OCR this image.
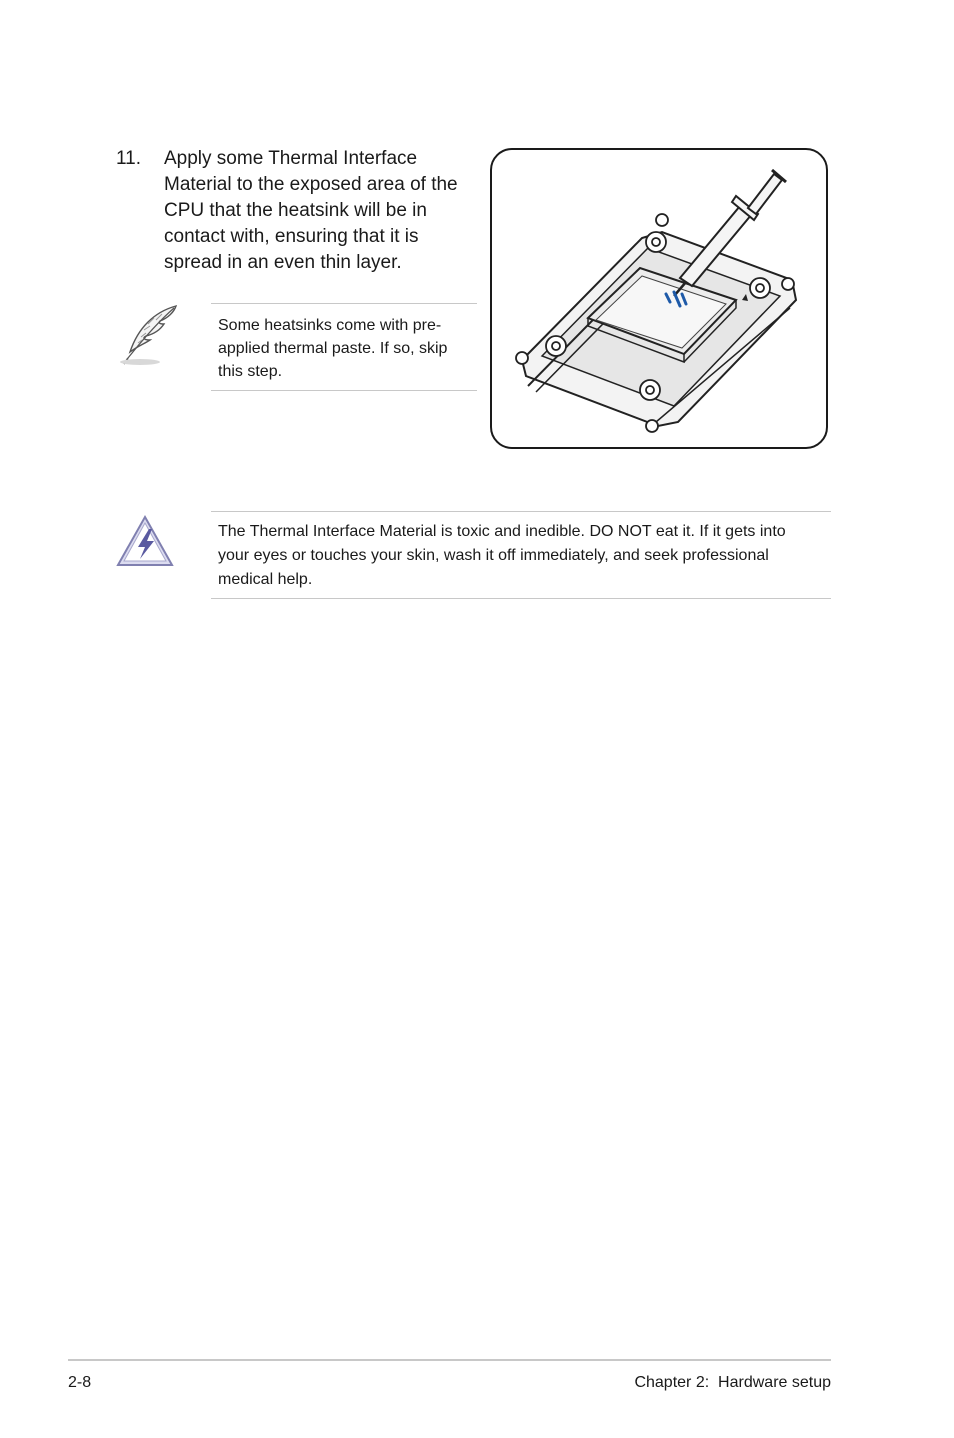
11. Apply some Thermal Interface Material to the exposed area of the CPU that the heatsink will be in contact with, ensuring that it is spread in an even thin layer.
Some heatsinks come with pre-applied thermal paste. If so, skip this step.
The Thermal Interface Material is toxic and inedible. DO NOT eat it. If it gets into your eyes or touches your skin, wash it off immediately, and seek professional medical help.
2-8	Chapter 2:  Hardware setup
